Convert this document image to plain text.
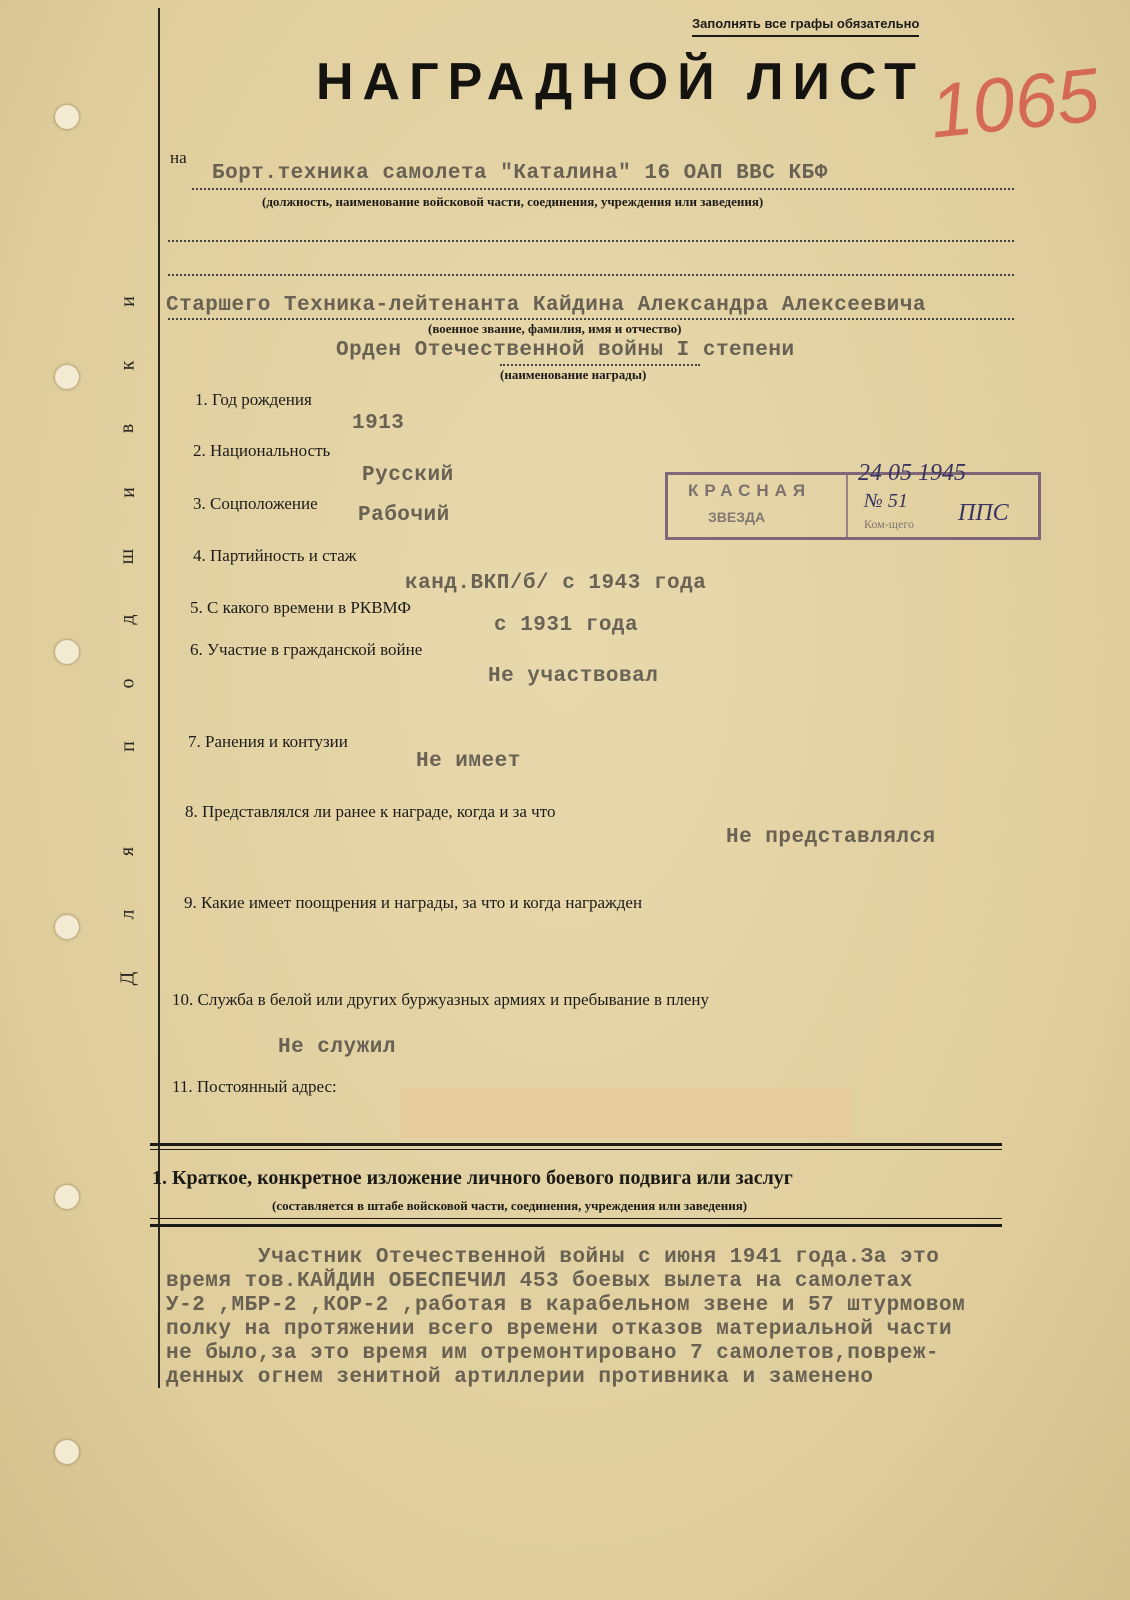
и
к
в
и
ш
д
о
п
я
л
Д
Заполнять все графы обязательно
НАГРАДНОЙ ЛИСТ 1065
на
Борт.техника самолета "Каталина" 16 ОАП ВВС КБФ
(должность, наименование войсковой части, соединения, учреждения или заведения)
Старшего Техника-лейтенанта Кайдина Александра Алексеевича
(военное звание, фамилия, имя и отчество)
Орден Отечественной войны I степени
(наименование награды)
1. Год рождения
1913
2. Национальность
Русский
3. Соцположение
Рабочий
4. Партийность и стаж
канд.ВКП/б/ с 1943 года
5. С какого времени в РКВМФ
с 1931 года
6. Участие в гражданской войне
Не участвовал
7. Ранения и контузии
Не имеет
8. Представлялся ли ранее к награде, когда и за что
Не представлялся
9. Какие имеет поощрения и награды, за что и когда награжден
10. Служба в белой или других буржуазных армиях и пребывание в плену
Не служил
11. Постоянный адрес:
КРАСНАЯ
ЗВЕЗДА
24 05 1945
№ 51
Ком-щего ППС
1. Краткое, конкретное изложение личного боевого подвига или заслуг
(составляется в штабе войсковой части, соединения, учреждения или заведения)
Участник Отечественной войны с июня 1941 года.За это
время тов.КАЙДИН ОБЕСПЕЧИЛ 453 боевых вылета на самолетах
У-2 ,МБР-2 ,КОР-2 ,работая в карабельном звене и 57 штурмовом
полку на протяжении всего времени отказов материальной части
не было,за это время им отремонтировано 7 самолетов,повреж-
денных огнем зенитной артиллерии противника и заменено
